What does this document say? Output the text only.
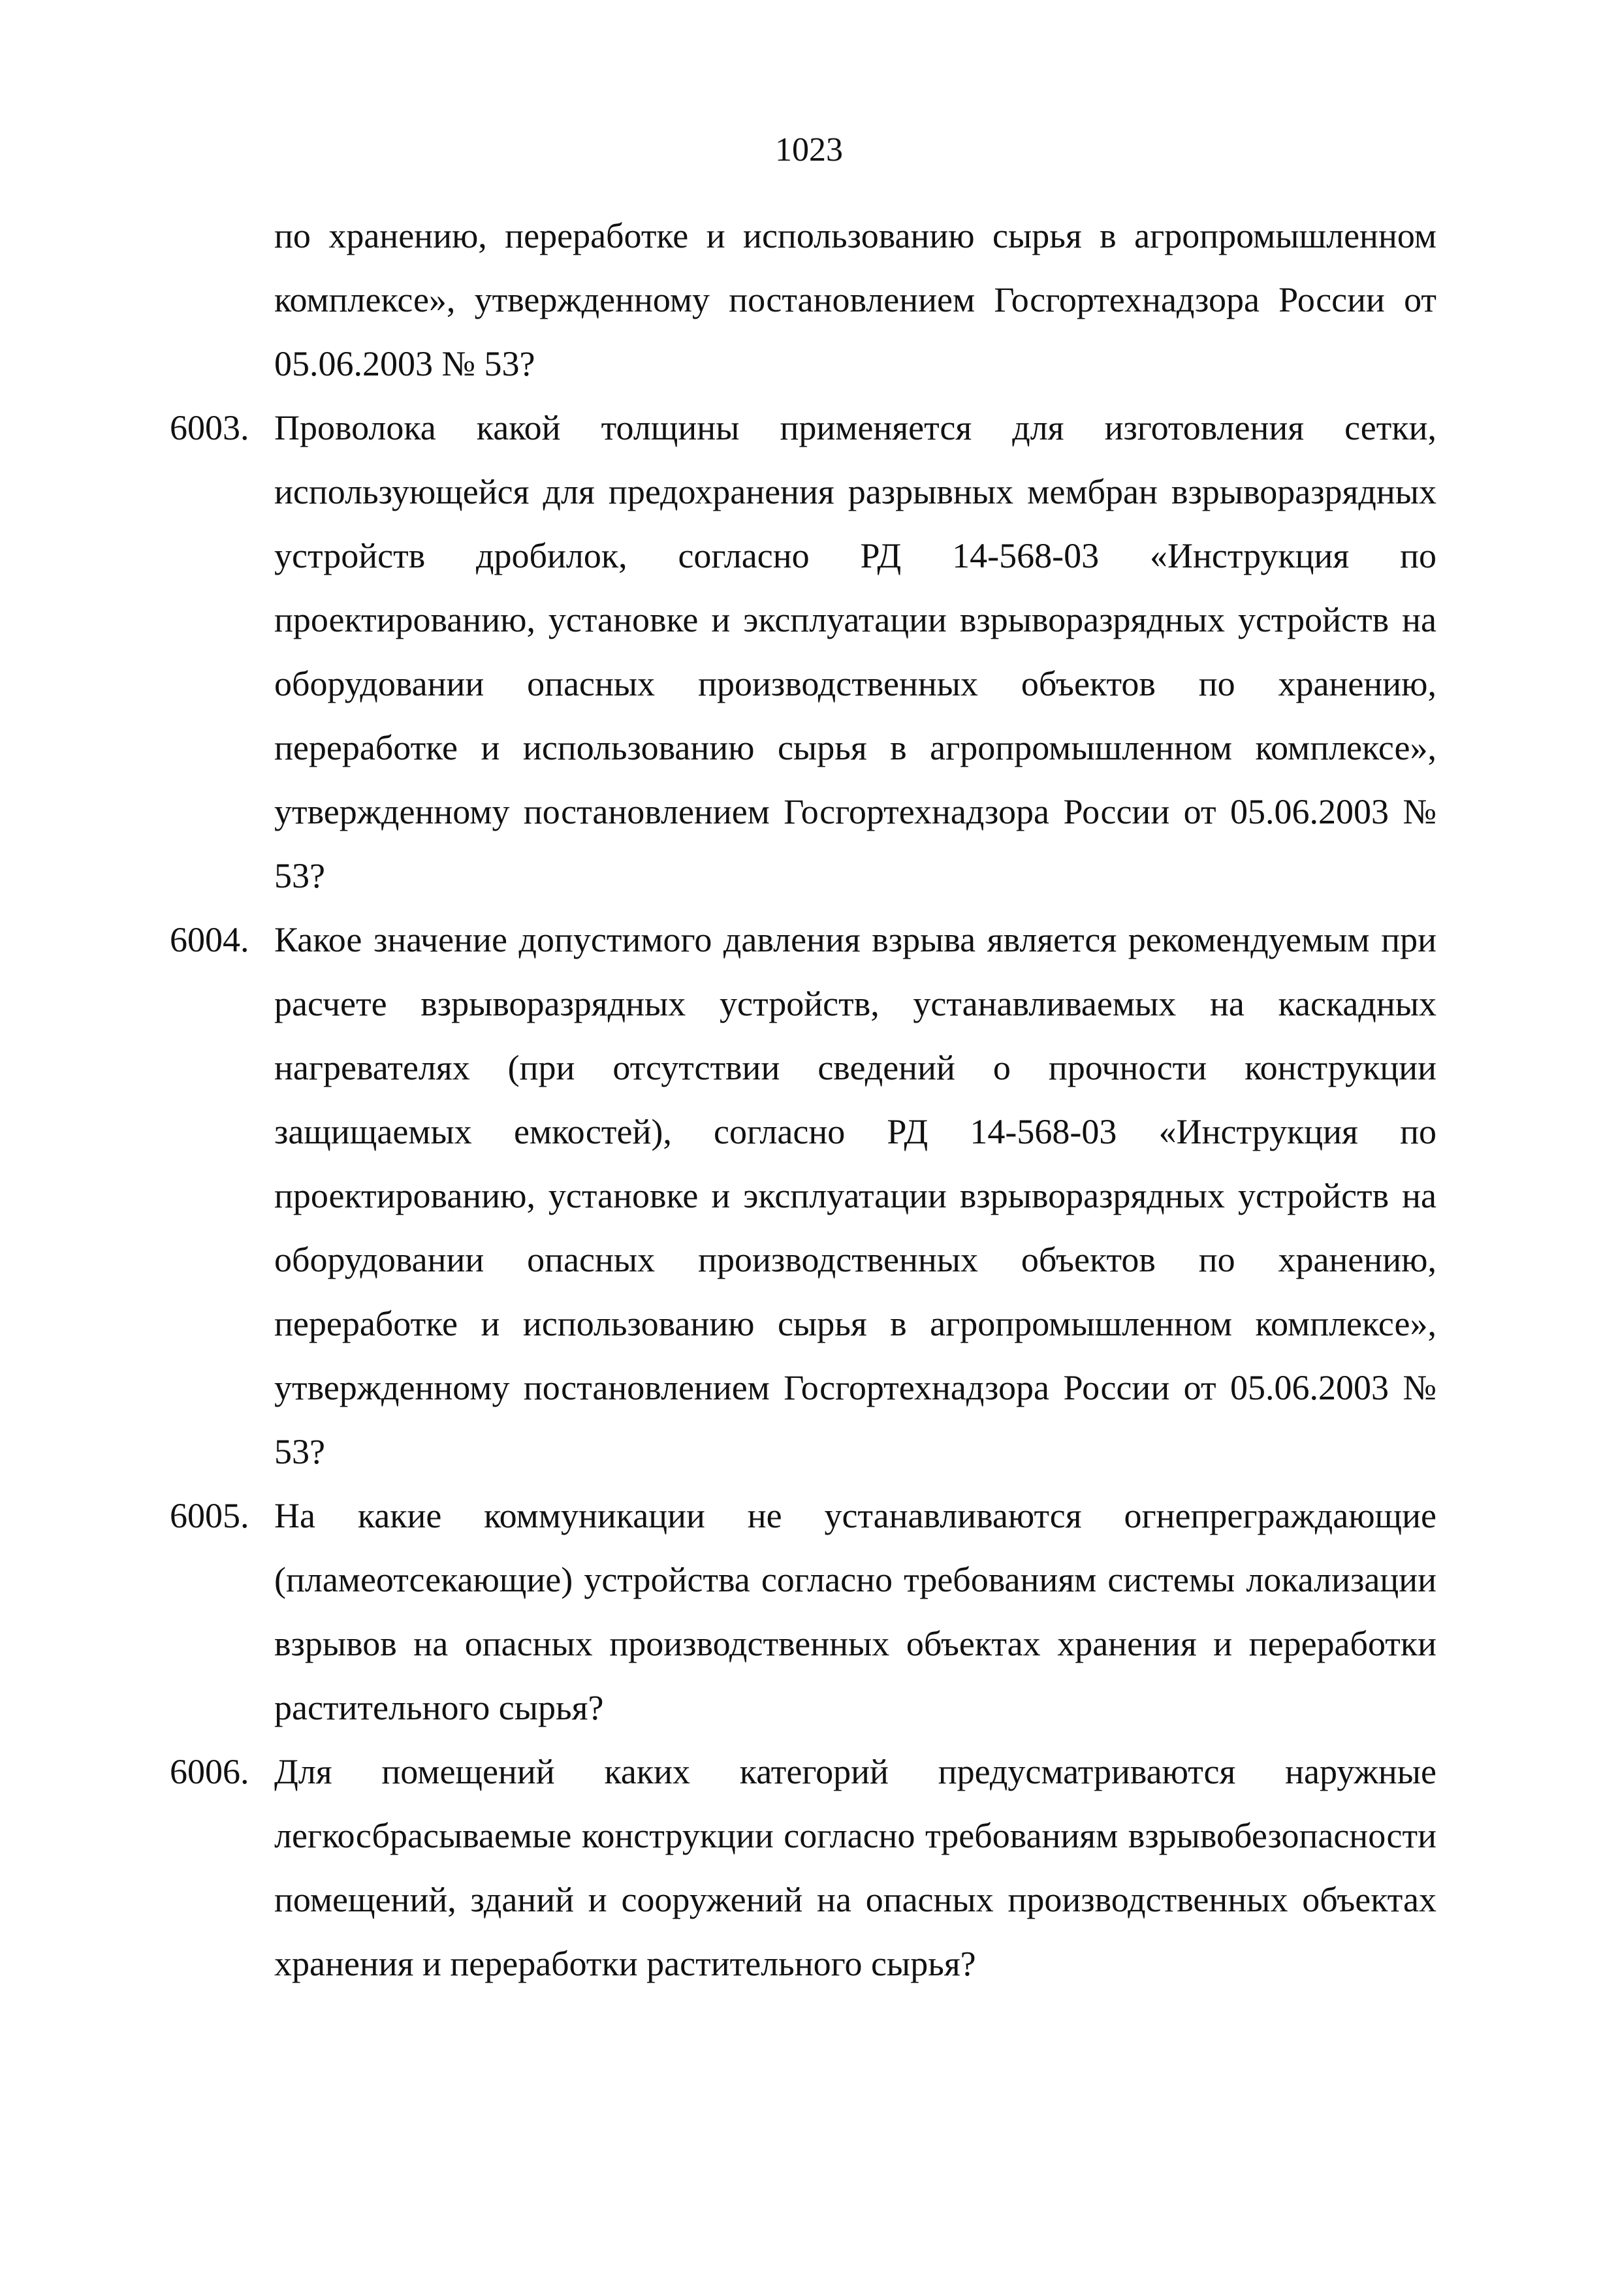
1023

по хранению, переработке и использованию сырья в агропромышленном комплексе», утвержденному постановлением Госгортехнадзора России от 05.06.2003 № 53?

6003. Проволока какой толщины применяется для изготовления сетки, использующейся для предохранения разрывных мембран взрыворазрядных устройств дробилок, согласно РД 14-568-03 «Инструкция по проектированию, установке и эксплуатации взрыворазрядных устройств на оборудовании опасных производственных объектов по хранению, переработке и использованию сырья в агропромышленном комплексе», утвержденному постановлением Госгортехнадзора России от 05.06.2003 № 53?

6004. Какое значение допустимого давления взрыва является рекомендуемым при расчете взрыворазрядных устройств, устанавливаемых на каскадных нагревателях (при отсутствии сведений о прочности конструкции защищаемых емкостей), согласно РД 14-568-03 «Инструкция по проектированию, установке и эксплуатации взрыворазрядных устройств на оборудовании опасных производственных объектов по хранению, переработке и использованию сырья в агропромышленном комплексе», утвержденному постановлением Госгортехнадзора России от 05.06.2003 № 53?

6005. На какие коммуникации не устанавливаются огнепреграждающие (пламеотсекающие) устройства согласно требованиям системы локализации взрывов на опасных производственных объектах хранения и переработки растительного сырья?

6006. Для помещений каких категорий предусматриваются наружные легкосбрасываемые конструкции согласно требованиям взрывобезопасности помещений, зданий и сооружений на опасных производственных объектах хранения и переработки растительного сырья?
